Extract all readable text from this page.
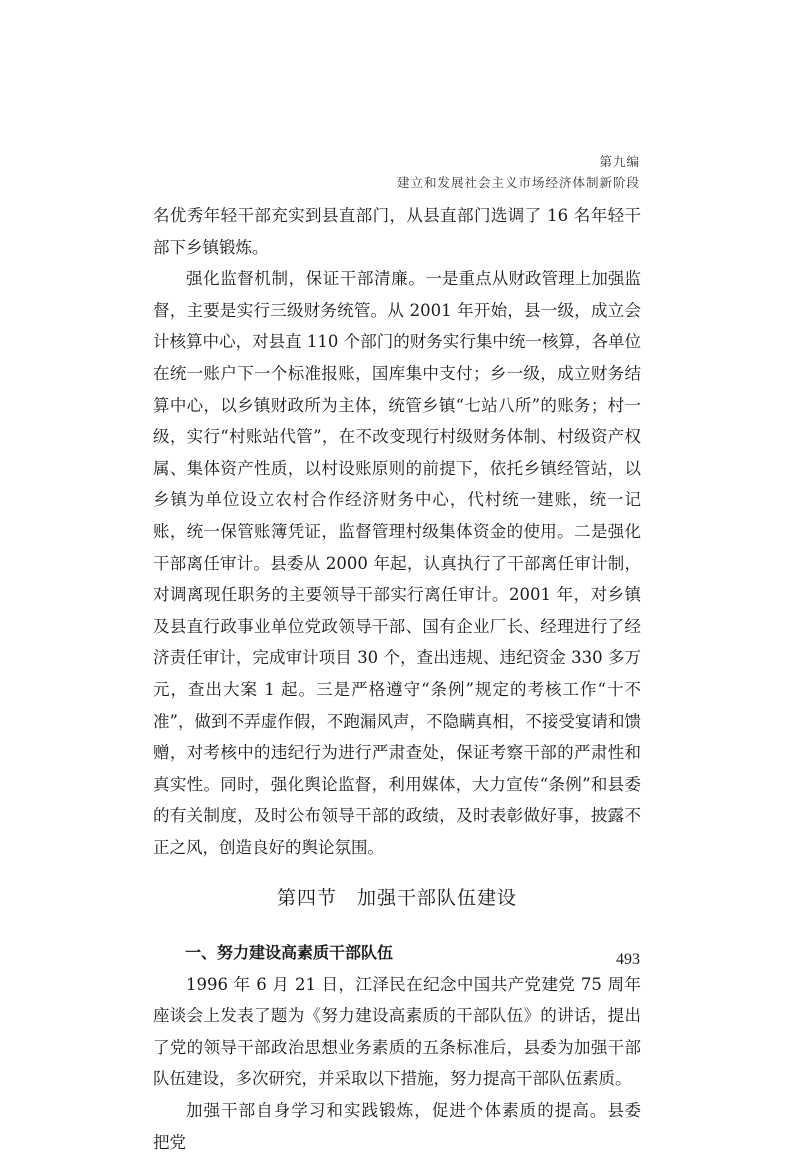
第九编
建立和发展社会主义市场经济体制新阶段

名优秀年轻干部充实到县直部门，从县直部门选调了 16 名年轻干部下乡镇锻炼。

强化监督机制，保证干部清廉。一是重点从财政管理上加强监督，主要是实行三级财务统管。从 2001 年开始，县一级，成立会计核算中心，对县直 110 个部门的财务实行集中统一核算，各单位在统一账户下一个标准报账，国库集中支付；乡一级，成立财务结算中心，以乡镇财政所为主体，统管乡镇“七站八所”的账务；村一级，实行“村账站代管”，在不改变现行村级财务体制、村级资产权属、集体资产性质，以村设账原则的前提下，依托乡镇经管站，以乡镇为单位设立农村合作经济财务中心，代村统一建账，统一记账，统一保管账簿凭证，监督管理村级集体资金的使用。二是强化干部离任审计。县委从 2000 年起，认真执行了干部离任审计制，对调离现任职务的主要领导干部实行离任审计。2001 年，对乡镇及县直行政事业单位党政领导干部、国有企业厂长、经理进行了经济责任审计，完成审计项目 30 个，查出违规、违纪资金 330 多万元，查出大案 1 起。三是严格遵守“条例”规定的考核工作“十不准”，做到不弄虚作假，不跑漏风声，不隐瞒真相，不接受宴请和馈赠，对考核中的违纪行为进行严肃查处，保证考察干部的严肃性和真实性。同时，强化舆论监督，利用媒体，大力宣传“条例”和县委的有关制度，及时公布领导干部的政绩，及时表彰做好事，披露不正之风，创造良好的舆论氛围。

第四节　加强干部队伍建设

一、努力建设高素质干部队伍

1996 年 6 月 21 日，江泽民在纪念中国共产党建党 75 周年座谈会上发表了题为《努力建设高素质的干部队伍》的讲话，提出了党的领导干部政治思想业务素质的五条标准后，县委为加强干部队伍建设，多次研究，并采取以下措施，努力提高干部队伍素质。

加强干部自身学习和实践锻炼，促进个体素质的提高。县委把党

493
